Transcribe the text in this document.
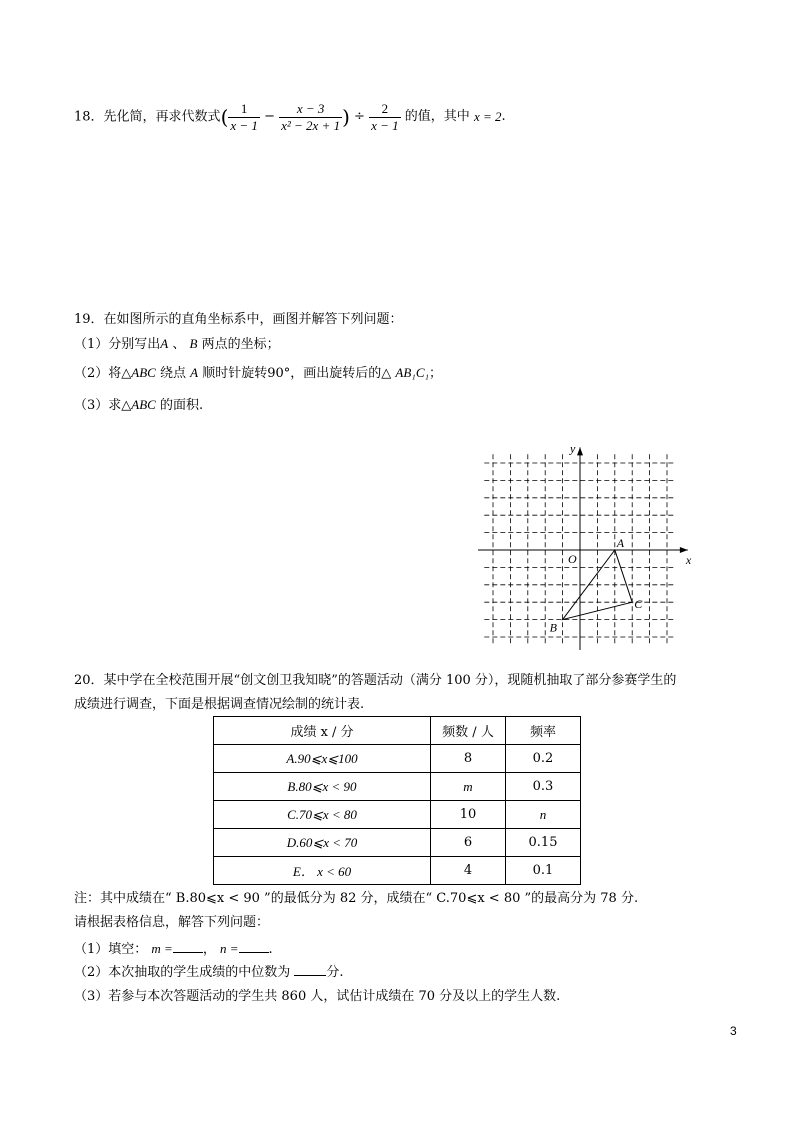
18．先化简，再求代数式( $\frac{1}{x - 1} - \frac{x - 3}{\text{x² − 2x + 1}}$ ) ÷ $\frac{2}{x - 1}$ 的值，其中 x = 2.
19．在如图所示的直角坐标系中，画图并解答下列问题：
（1）分别写出A 、 B 两点的坐标；
（2）将△ABC 绕点 A 顺时针旋转90°，画出旋转后的△ AB₁C₁；
（3）求△ABC 的面积.
y
x
O
A
B
C
20．某中学在全校范围开展“创文创卫我知晓”的答题活动（满分 100 分），现随机抽取了部分参赛学生的
成绩进行调查，下面是根据调查情况绘制的统计表.
成绩 x / 分	频数 / 人	频率
A.90⩽x⩽100	8	0.2
B.80⩽x < 90	m	0.3
C.70⩽x < 80	10	n
D.60⩽x < 70	6	0.15
E． x < 60	4	0.1
注：其中成绩在“ B.80⩽x < 90 ”的最低分为 82 分，成绩在“ C.70⩽x < 80 ”的最高分为 78 分.
请根据表格信息，解答下列问题：
（1）填空： m = ， n = .
（2）本次抽取的学生成绩的中位数为	分.
（3）若参与本次答题活动的学生共 860 人，试估计成绩在 70 分及以上的学生人数.
3
